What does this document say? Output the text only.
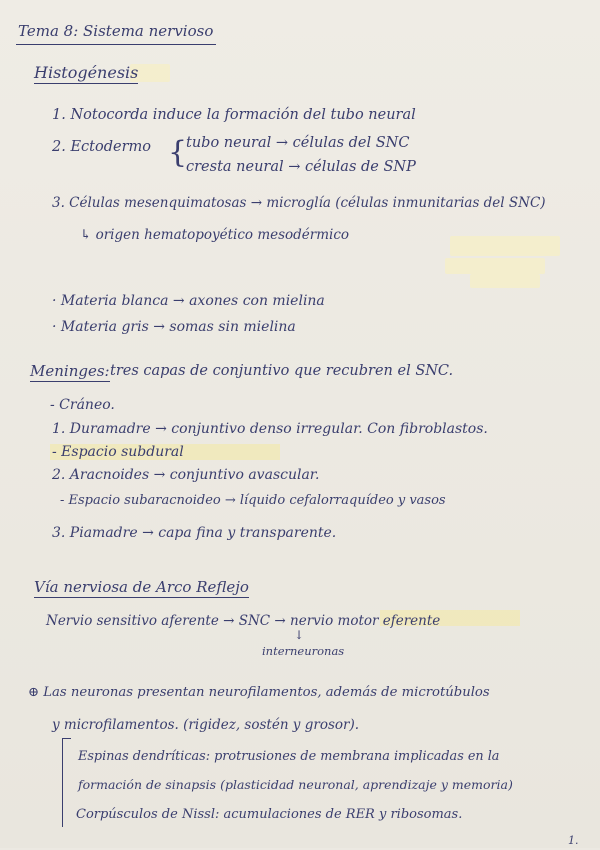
Tema 8: Sistema nervioso
Histogénesis
1. Notocorda induce la formación del tubo neural
2. Ectodermo {
tubo neural → células del SNC
cresta neural → células de SNP
3. Células mesenquimatosas → microglía (células inmunitarias del SNC)
↳ origen hematopoyético mesodérmico
· Materia blanca → axones con mielina
· Materia gris → somas sin mielina
Meninges: tres capas de conjuntivo que recubren el SNC.
- Cráneo.
1. Duramadre → conjuntivo denso irregular. Con fibroblastos.
- Espacio subdural
2. Aracnoides → conjuntivo avascular.
- Espacio subaracnoideo → líquido cefalorraquídeo y vasos
3. Piamadre → capa fina y transparente.
Vía nerviosa de Arco Reflejo
Nervio sensitivo aferente → SNC → nervio motor eferente
↓
interneuronas
⊕ Las neuronas presentan neurofilamentos, además de microtúbulos
y microfilamentos. (rigidez, sostén y grosor).
Espinas dendríticas: protrusiones de membrana implicadas en la
formación de sinapsis (plasticidad neuronal, aprendizaje y memoria)
Corpúsculos de Nissl: acumulaciones de RER y ribosomas.
1.
